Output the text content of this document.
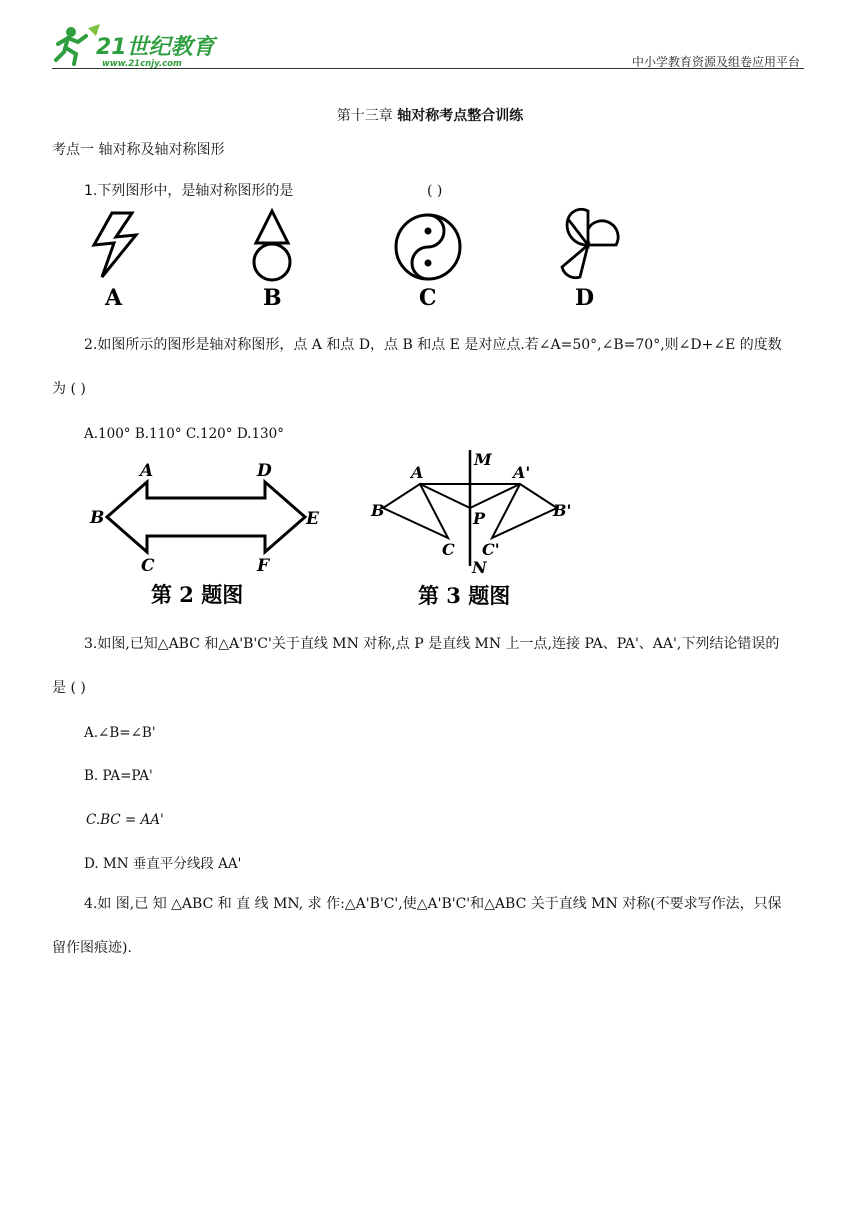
21世纪教育
www.21cnjy.com	中小学教育资源及组卷应用平台
第十三章 轴对称考点整合训练
考点一 轴对称及轴对称图形
1.下列图形中，是轴对称图形的是	( )
A	B	C	D
2.如图所示的图形是轴对称图形，点 A 和点 D，点 B 和点 E 是对应点.若∠A=50°,∠B=70°,则∠D+∠E 的度数
为 ( )
A.100° B.110° C.120° D.130°
A	D
B	E
C	F
第 2 题图
M
A	A'
B	B'
P
C C'
N
第 3 题图
3.如图,已知△ABC 和△A'B'C'关于直线 MN 对称,点 P 是直线 MN 上一点,连接 PA、PA'、AA',下列结论错误的
是 ( )
A.∠B=∠B'
B. PA=PA'
C.BC = AA'
D. MN 垂直平分线段 AA'
4.如 图,已 知 △ABC 和 直 线 MN, 求 作:△A'B'C',使△A'B'C'和△ABC 关于直线 MN 对称(不要求写作法，只保
留作图痕迹).
